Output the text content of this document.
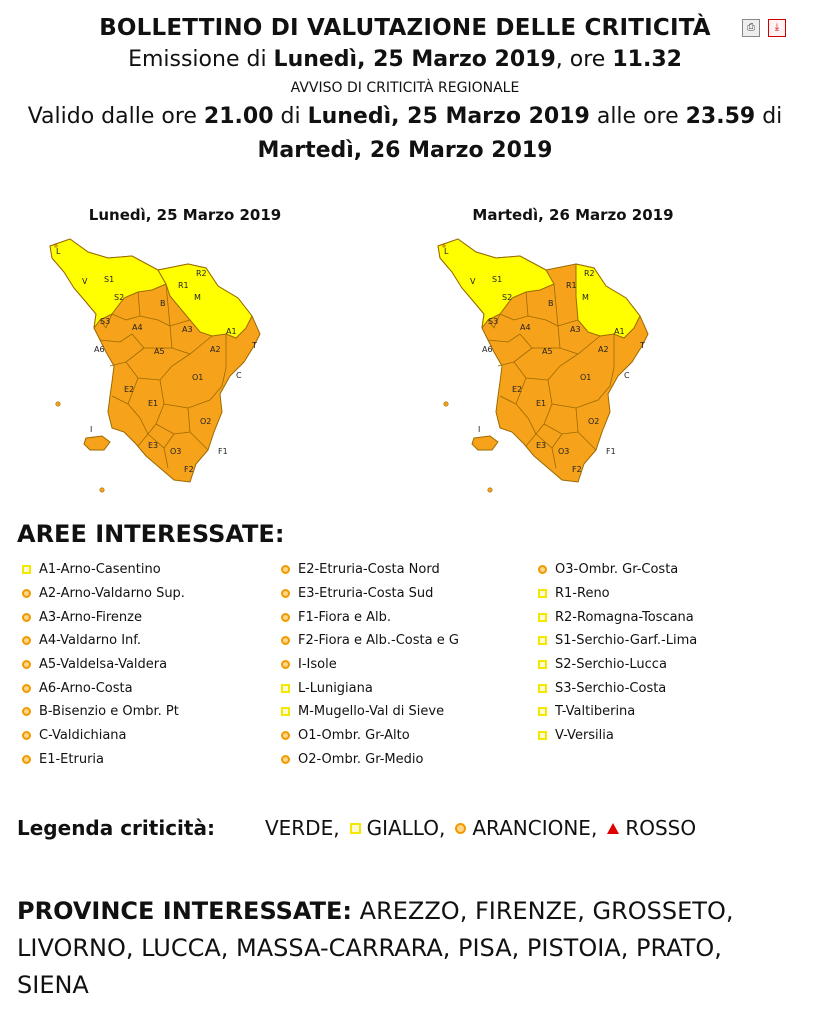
BOLLETTINO DI VALUTAZIONE DELLE CRITICITÀ
Emissione di Lunedì, 25 Marzo 2019, ore 11.32
AVVISO DI CRITICITÀ REGIONALE
Valido dalle ore 21.00 di Lunedì, 25 Marzo 2019 alle ore 23.59 di Martedì, 26 Marzo 2019
⎙	⤓
Lunedì, 25 Marzo 2019
L
V S1
S2
S3
R2
R1
M
B
A4	A3	A1
T
A6	A5	A2
O1	C
E2
E1
O2
I
E3
O3	F1
F2
Martedì, 26 Marzo 2019
L
V S1
S2
S3
R2
R1
M
B
A4	A3	A1
T
A6	A5	A2
O1	C
E2
E1
O2
I
E3
O3	F1
F2
AREE INTERESSATE:
A1-Arno-Casentino
A2-Arno-Valdarno Sup.
A3-Arno-Firenze
A4-Valdarno Inf.
A5-Valdelsa-Valdera
A6-Arno-Costa
B-Bisenzio e Ombr. Pt
C-Valdichiana
E1-Etruria
E2-Etruria-Costa Nord
E3-Etruria-Costa Sud
F1-Fiora e Alb.
F2-Fiora e Alb.-Costa e G
I-Isole
L-Lunigiana
M-Mugello-Val di Sieve
O1-Ombr. Gr-Alto
O2-Ombr. Gr-Medio
O3-Ombr. Gr-Costa
R1-Reno
R2-Romagna-Toscana
S1-Serchio-Garf.-Lima
S2-Serchio-Lucca
S3-Serchio-Costa
T-Valtiberina
V-Versilia
Legenda criticità:	VERDE, GIALLO, ARANCIONE, ROSSO
PROVINCE INTERESSATE: AREZZO, FIRENZE, GROSSETO, LIVORNO, LUCCA, MASSA-CARRARA, PISA, PISTOIA, PRATO, SIENA
